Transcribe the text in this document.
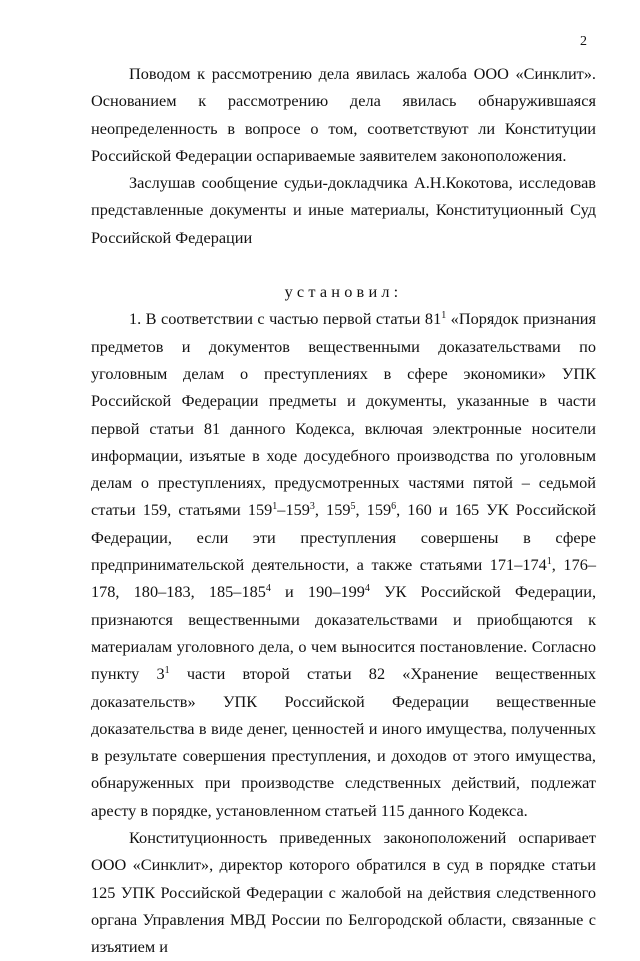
2

Поводом к рассмотрению дела явилась жалоба ООО «Синклит». Основанием к рассмотрению дела явилась обнаружившаяся неопределенность в вопросе о том, соответствуют ли Конституции Российской Федерации оспариваемые заявителем законоположения.

Заслушав сообщение судьи-докладчика А.Н.Кокотова, исследовав представленные документы и иные материалы, Конституционный Суд Российской Федерации

установил:

1. В соответствии с частью первой статьи $81^1$ «Порядок признания предметов и документов вещественными доказательствами по уголовным делам о преступлениях в сфере экономики» УПК Российской Федерации предметы и документы, указанные в части первой статьи 81 данного Кодекса, включая электронные носители информации, изъятые в ходе досудебного производства по уголовным делам о преступлениях, предусмотренных частями пятой – седьмой статьи 159, статьями $159^1-159^3$, $159^5$, $159^6$, 160 и 165 УК Российской Федерации, если эти преступления совершены в сфере предпринимательской деятельности, а также статьями $171-174^1$, 176–178, 180–183, $185-185^4$ и $190-199^4$ УК Российской Федерации, признаются вещественными доказательствами и приобщаются к материалам уголовного дела, о чем выносится постановление. Согласно пункту $3^1$ части второй статьи 82 «Хранение вещественных доказательств» УПК Российской Федерации вещественные доказательства в виде денег, ценностей и иного имущества, полученных в результате совершения преступления, и доходов от этого имущества, обнаруженных при производстве следственных действий, подлежат аресту в порядке, установленном статьей 115 данного Кодекса.

Конституционность приведенных законоположений оспаривает ООО «Синклит», директор которого обратился в суд в порядке статьи 125 УПК Российской Федерации с жалобой на действия следственного органа Управления МВД России по Белгородской области, связанные с изъятием и
